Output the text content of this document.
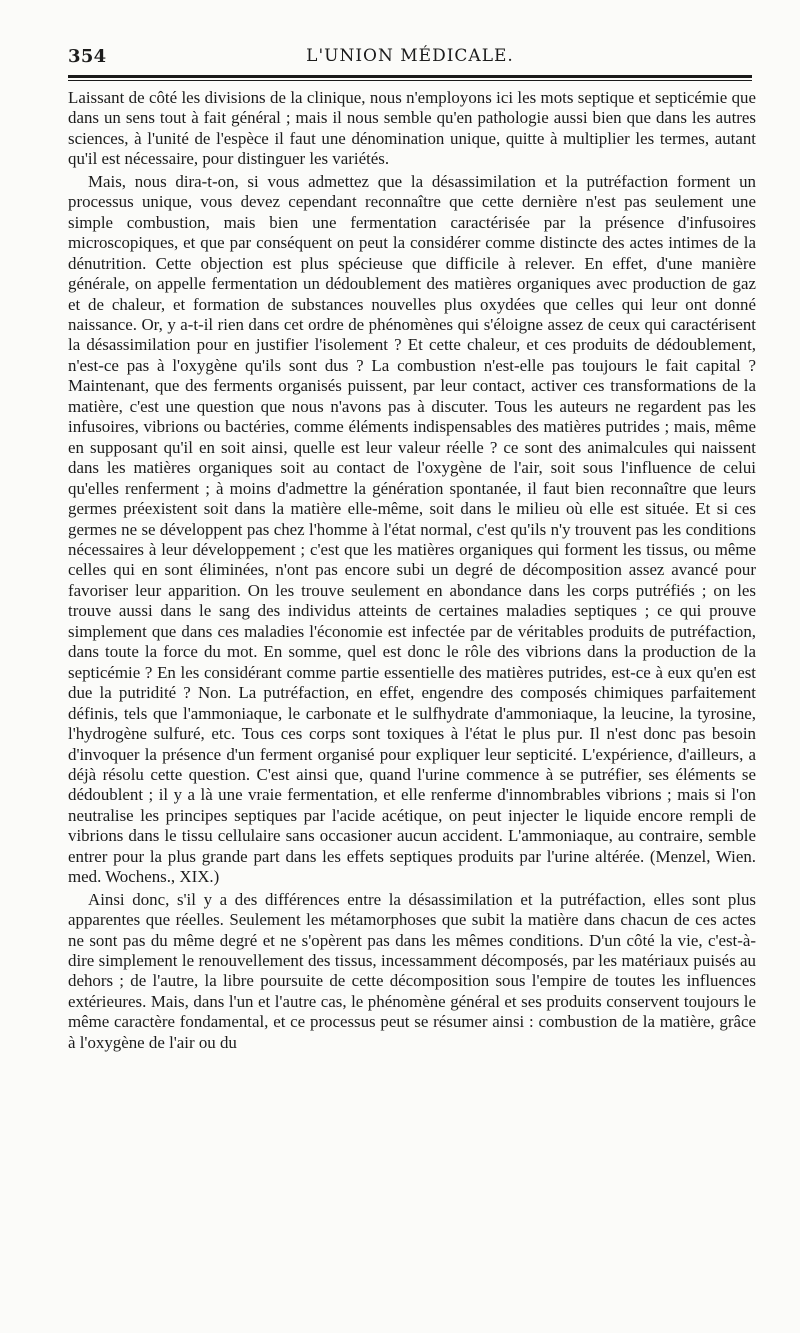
354	L'UNION MÉDICALE.

Laissant de côté les divisions de la clinique, nous n'employons ici les mots septique et septicémie que dans un sens tout à fait général ; mais il nous semble qu'en pathologie aussi bien que dans les autres sciences, à l'unité de l'espèce il faut une dénomination unique, quitte à multiplier les termes, autant qu'il est nécessaire, pour distinguer les variétés.

Mais, nous dira-t-on, si vous admettez que la désassimilation et la putréfaction forment un processus unique, vous devez cependant reconnaître que cette dernière n'est pas seulement une simple combustion, mais bien une fermentation caractérisée par la présence d'infusoires microscopiques, et que par conséquent on peut la considérer comme distincte des actes intimes de la dénutrition. Cette objection est plus spécieuse que difficile à relever. En effet, d'une manière générale, on appelle fermentation un dédoublement des matières organiques avec production de gaz et de chaleur, et formation de substances nouvelles plus oxydées que celles qui leur ont donné naissance. Or, y a-t-il rien dans cet ordre de phénomènes qui s'éloigne assez de ceux qui caractérisent la désassimilation pour en justifier l'isolement ? Et cette chaleur, et ces produits de dédoublement, n'est-ce pas à l'oxygène qu'ils sont dus ? La combustion n'est-elle pas toujours le fait capital ? Maintenant, que des ferments organisés puissent, par leur contact, activer ces transformations de la matière, c'est une question que nous n'avons pas à discuter. Tous les auteurs ne regardent pas les infusoires, vibrions ou bactéries, comme éléments indispensables des matières putrides ; mais, même en supposant qu'il en soit ainsi, quelle est leur valeur réelle ? ce sont des animalcules qui naissent dans les matières organiques soit au contact de l'oxygène de l'air, soit sous l'influence de celui qu'elles renferment ; à moins d'admettre la génération spontanée, il faut bien reconnaître que leurs germes préexistent soit dans la matière elle-même, soit dans le milieu où elle est située. Et si ces germes ne se développent pas chez l'homme à l'état normal, c'est qu'ils n'y trouvent pas les conditions nécessaires à leur développement ; c'est que les matières organiques qui forment les tissus, ou même celles qui en sont éliminées, n'ont pas encore subi un degré de décomposition assez avancé pour favoriser leur apparition. On les trouve seulement en abondance dans les corps putréfiés ; on les trouve aussi dans le sang des individus atteints de certaines maladies septiques ; ce qui prouve simplement que dans ces maladies l'économie est infectée par de véritables produits de putréfaction, dans toute la force du mot. En somme, quel est donc le rôle des vibrions dans la production de la septicémie ? En les considérant comme partie essentielle des matières putrides, est-ce à eux qu'en est due la putridité ? Non. La putréfaction, en effet, engendre des composés chimiques parfaitement définis, tels que l'ammoniaque, le carbonate et le sulfhydrate d'ammoniaque, la leucine, la tyrosine, l'hydrogène sulfuré, etc. Tous ces corps sont toxiques à l'état le plus pur. Il n'est donc pas besoin d'invoquer la présence d'un ferment organisé pour expliquer leur septicité. L'expérience, d'ailleurs, a déjà résolu cette question. C'est ainsi que, quand l'urine commence à se putréfier, ses éléments se dédoublent ; il y a là une vraie fermentation, et elle renferme d'innombrables vibrions ; mais si l'on neutralise les principes septiques par l'acide acétique, on peut injecter le liquide encore rempli de vibrions dans le tissu cellulaire sans occasioner aucun accident. L'ammoniaque, au contraire, semble entrer pour la plus grande part dans les effets septiques produits par l'urine altérée. (Menzel, Wien. med. Wochens., XIX.)

Ainsi donc, s'il y a des différences entre la désassimilation et la putréfaction, elles sont plus apparentes que réelles. Seulement les métamorphoses que subit la matière dans chacun de ces actes ne sont pas du même degré et ne s'opèrent pas dans les mêmes conditions. D'un côté la vie, c'est-à-dire simplement le renouvellement des tissus, incessamment décomposés, par les matériaux puisés au dehors ; de l'autre, la libre poursuite de cette décomposition sous l'empire de toutes les influences extérieures. Mais, dans l'un et l'autre cas, le phénomène général et ses produits conservent toujours le même caractère fondamental, et ce processus peut se résumer ainsi : combustion de la matière, grâce à l'oxygène de l'air ou du
